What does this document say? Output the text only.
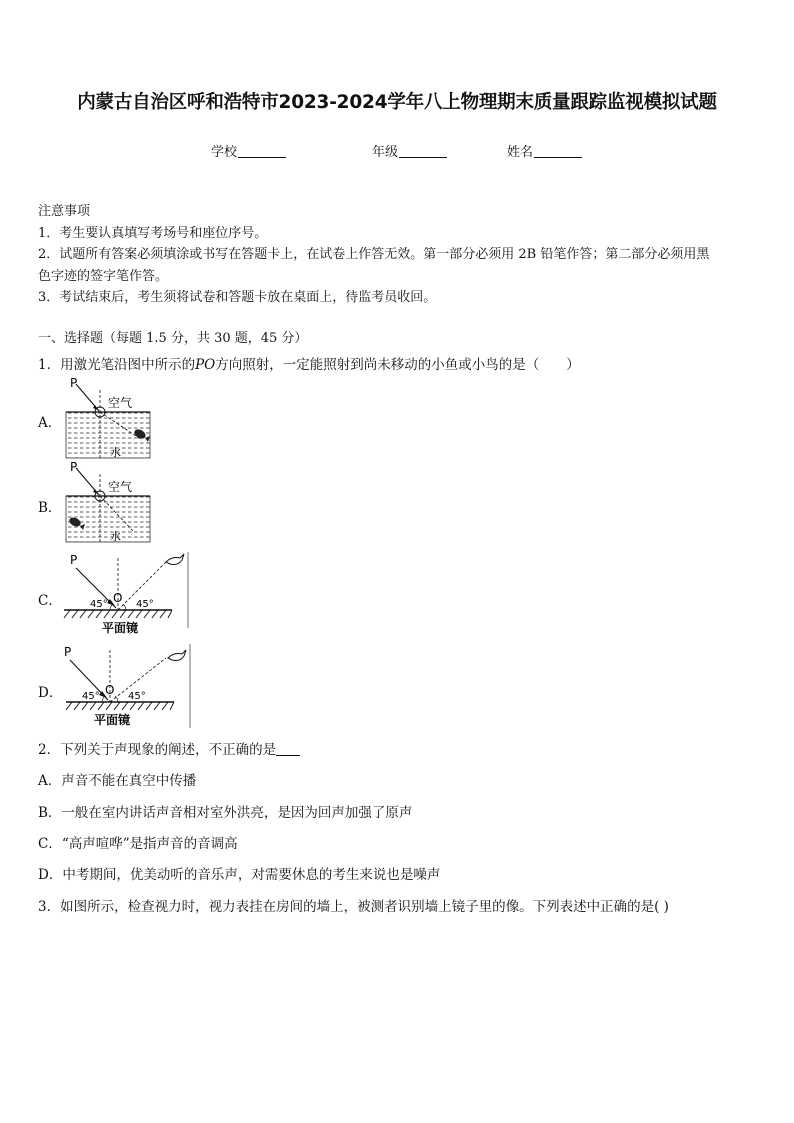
内蒙古自治区呼和浩特市2023-2024学年八上物理期末质量跟踪监视模拟试题
学校	年级	姓名

注意事项

1．考生要认真填写考场号和座位序号。

2．试题所有答案必须填涂或书写在答题卡上，在试卷上作答无效。第一部分必须用 2B 铅笔作答；第二部分必须用黑

色字迹的签字笔作答。

3．考试结束后，考生须将试卷和答题卡放在桌面上，待监考员收回。

一、选择题（每题 1.5 分，共 30 题，45 分）
1．用激光笔沿图中所示的PO方向照射，一定能照射到尚未移动的小鱼或小鸟的是（　　）
A．
P
空气
水
B．
P
空气
水
C．
P
O
45°	45°
平面镜
D．
P
O
45°	45°
平面镜
2．下列关于声现象的阐述，不正确的是
A．声音不能在真空中传播
B．一般在室内讲话声音相对室外洪亮，是因为回声加强了原声
C．“高声喧哗”是指声音的音调高
D．中考期间，优美动听的音乐声，对需要休息的考生来说也是噪声
3．如图所示，检查视力时，视力表挂在房间的墙上，被测者识别墙上镜子里的像。下列表述中正确的是( )
